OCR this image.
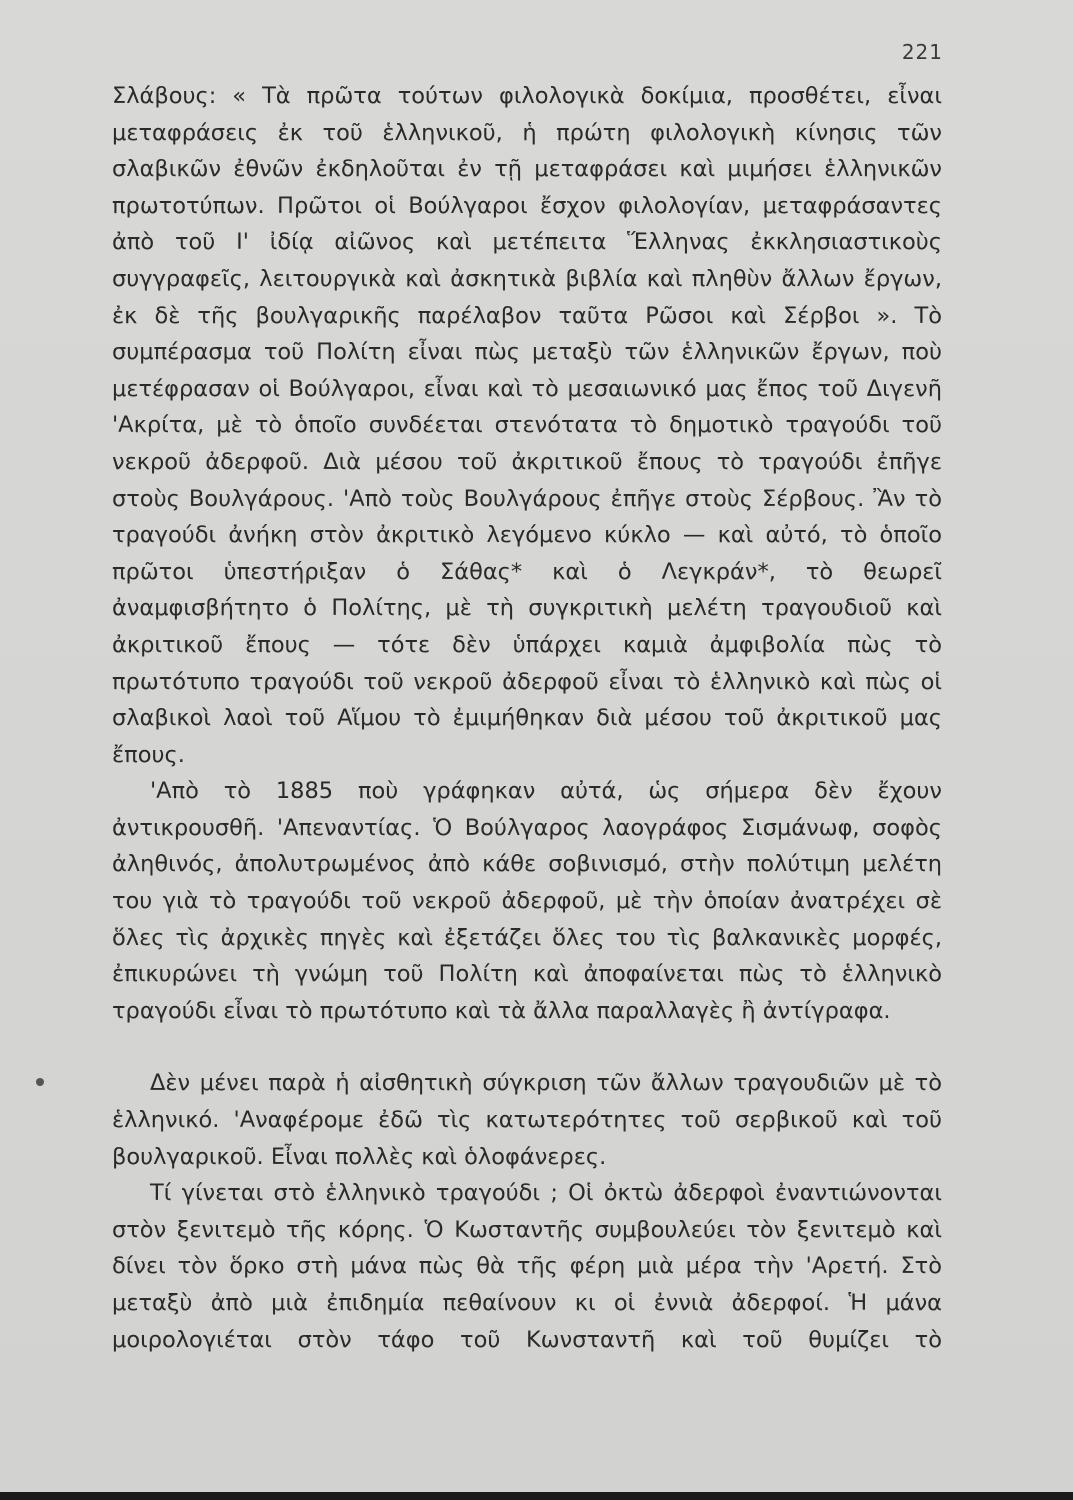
221

Σλάβους: « Τὰ πρῶτα τούτων φιλολογικὰ δοκίμια, προσθέτει, εἶναι μεταφράσεις ἐκ τοῦ ἑλληνικοῦ, ἡ πρώτη φιλολογικὴ κίνησις τῶν σλαβικῶν ἐθνῶν ἐκδηλοῦται ἐν τῇ μεταφράσει καὶ μιμήσει ἑλληνικῶν πρωτοτύπων. Πρῶτοι οἱ Βούλγαροι ἔσχον φιλολογίαν, μεταφράσαντες ἀπὸ τοῦ Ι' ἰδίᾳ αἰῶνος καὶ μετέπειτα Ἕλληνας ἐκκλησιαστικοὺς συγγραφεῖς, λειτουργικὰ καὶ ἀσκητικὰ βιβλία καὶ πληθὺν ἄλλων ἔργων, ἐκ δὲ τῆς βουλγαρικῆς παρέλαβον ταῦτα Ρῶσοι καὶ Σέρβοι ». Τὸ συμπέρασμα τοῦ Πολίτη εἶναι πὼς μεταξὺ τῶν ἑλληνικῶν ἔργων, ποὺ μετέφρασαν οἱ Βούλγαροι, εἶναι καὶ τὸ μεσαιωνικό μας ἔπος τοῦ Διγενῆ 'Ακρίτα, μὲ τὸ ὁποῖο συνδέεται στενότατα τὸ δημοτικὸ τραγούδι τοῦ νεκροῦ ἀδερφοῦ. Διὰ μέσου τοῦ ἀκριτικοῦ ἔπους τὸ τραγούδι ἐπῆγε στοὺς Βουλγάρους. 'Απὸ τοὺς Βουλγάρους ἐπῆγε στοὺς Σέρβους. Ἂν τὸ τραγούδι ἀνήκη στὸν ἀκριτικὸ λεγόμενο κύκλο — καὶ αὐτό, τὸ ὁποῖο πρῶτοι ὑπεστήριξαν ὁ Σάθας* καὶ ὁ Λεγκράν*, τὸ θεωρεῖ ἀναμφισβήτητο ὁ Πολίτης, μὲ τὴ συγκριτικὴ μελέτη τραγουδιοῦ καὶ ἀκριτικοῦ ἔπους — τότε δὲν ὑπάρχει καμιὰ ἀμφιβολία πὼς τὸ πρωτότυπο τραγούδι τοῦ νεκροῦ ἀδερφοῦ εἶναι τὸ ἑλληνικὸ καὶ πὼς οἱ σλαβικοὶ λαοὶ τοῦ Αἵμου τὸ ἐμιμήθηκαν διὰ μέσου τοῦ ἀκριτικοῦ μας ἔπους.

'Απὸ τὸ 1885 ποὺ γράφηκαν αὐτά, ὡς σήμερα δὲν ἔχουν ἀντικρουσθῆ. 'Απεναντίας. Ὁ Βούλγαρος λαογράφος Σισμάνωφ, σοφὸς ἀληθινός, ἀπολυτρωμένος ἀπὸ κάθε σοβινισμό, στὴν πολύτιμη μελέτη του γιὰ τὸ τραγούδι τοῦ νεκροῦ ἀδερφοῦ, μὲ τὴν ὁποίαν ἀνατρέχει σὲ ὅλες τὶς ἀρχικὲς πηγὲς καὶ ἐξετάζει ὅλες του τὶς βαλκανικὲς μορφές, ἐπικυρώνει τὴ γνώμη τοῦ Πολίτη καὶ ἀποφαίνεται πὼς τὸ ἑλληνικὸ τραγούδι εἶναι τὸ πρωτότυπο καὶ τὰ ἄλλα παραλλαγὲς ἢ ἀντίγραφα.

Δὲν μένει παρὰ ἡ αἰσθητικὴ σύγκριση τῶν ἄλλων τραγουδιῶν μὲ τὸ ἑλληνικό. 'Αναφέρομε ἐδῶ τὶς κατωτερότητες τοῦ σερβικοῦ καὶ τοῦ βουλγαρικοῦ. Εἶναι πολλὲς καὶ ὁλοφάνερες.

Τί γίνεται στὸ ἑλληνικὸ τραγούδι ; Οἱ ὀκτὼ ἀδερφοὶ ἐναντιώνονται στὸν ξενιτεμὸ τῆς κόρης. Ὁ Κωσταντῆς συμβουλεύει τὸν ξενιτεμὸ καὶ δίνει τὸν ὅρκο στὴ μάνα πὼς θὰ τῆς φέρη μιὰ μέρα τὴν 'Αρετή. Στὸ μεταξὺ ἀπὸ μιὰ ἐπιδημία πεθαίνουν κι οἱ ἐννιὰ ἀδερφοί. Ἡ μάνα μοιρολογιέται στὸν τάφο τοῦ Κωνσταντῆ καὶ τοῦ θυμίζει τὸ
